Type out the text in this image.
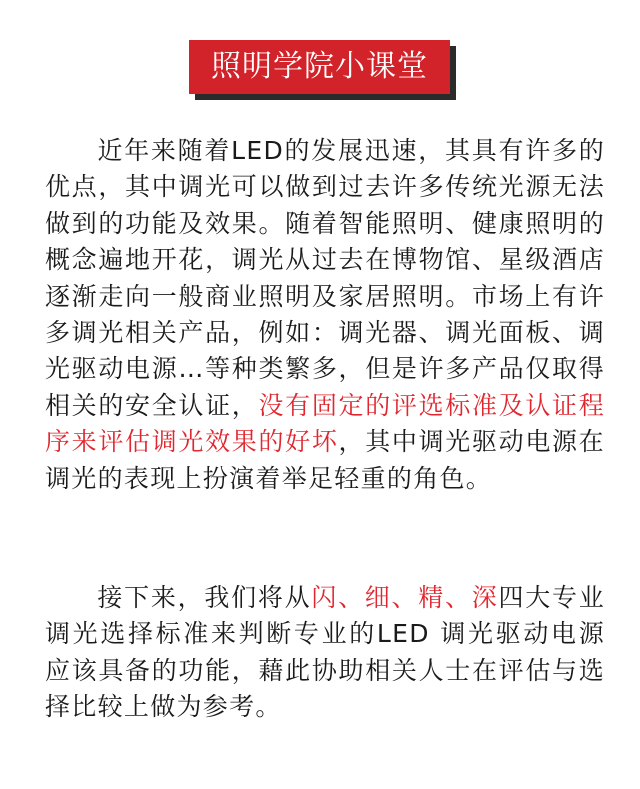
照明学院小课堂
近年来随着LED的发展迅速，其具有许多的优点，其中调光可以做到过去许多传统光源无法做到的功能及效果。随着智能照明、健康照明的概念遍地开花，调光从过去在博物馆、星级酒店逐渐走向一般商业照明及家居照明。市场上有许多调光相关产品，例如：调光器、调光面板、调光驱动电源…等种类繁多，但是许多产品仅取得相关的安全认证，没有固定的评选标准及认证程序来评估调光效果的好坏，其中调光驱动电源在调光的表现上扮演着举足轻重的角色。
接下来，我们将从闪、细、精、深四大专业调光选择标准来判断专业的LED 调光驱动电源应该具备的功能，藉此协助相关人士在评估与选择比较上做为参考。
